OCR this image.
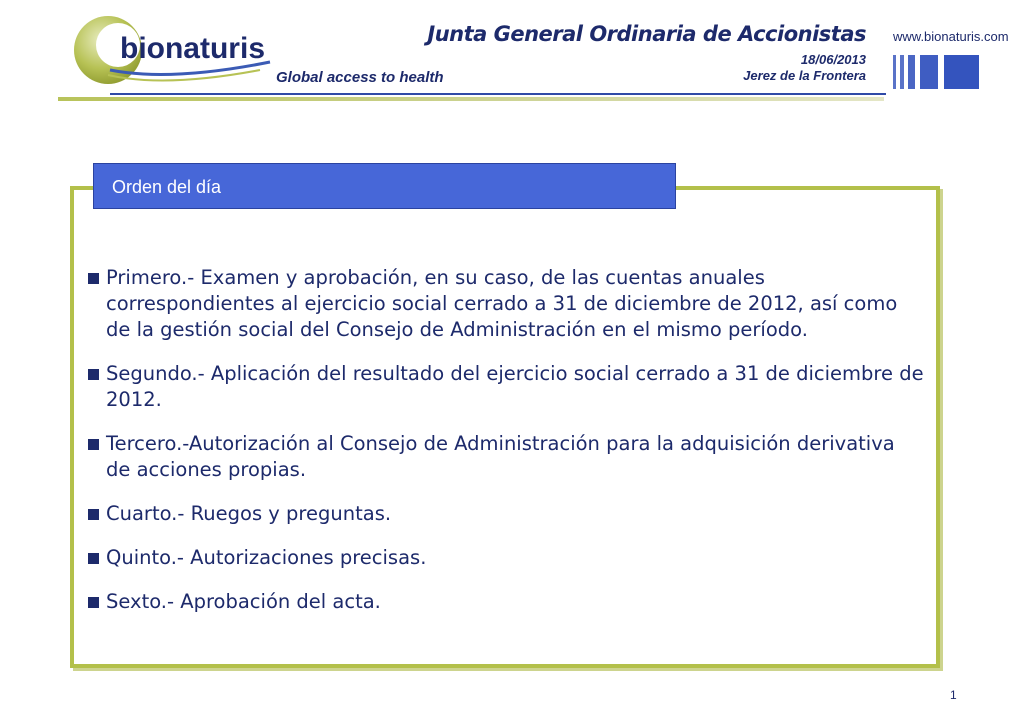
bionaturis
Global access to health
Junta General Ordinaria de Accionistas
18/06/2013
Jerez de la Frontera
www.bionaturis.com
Orden del día
Primero.- Examen y aprobación, en su caso, de las cuentas anuales correspondientes al ejercicio social cerrado a 31 de diciembre de 2012, así como de la gestión social del Consejo de Administración en el mismo período.
Segundo.- Aplicación del resultado del ejercicio social cerrado a 31 de diciembre de 2012.
Tercero.-Autorización al Consejo de Administración para la adquisición derivativa de acciones propias.
Cuarto.- Ruegos y preguntas.
Quinto.- Autorizaciones precisas.
Sexto.- Aprobación del acta.
1
